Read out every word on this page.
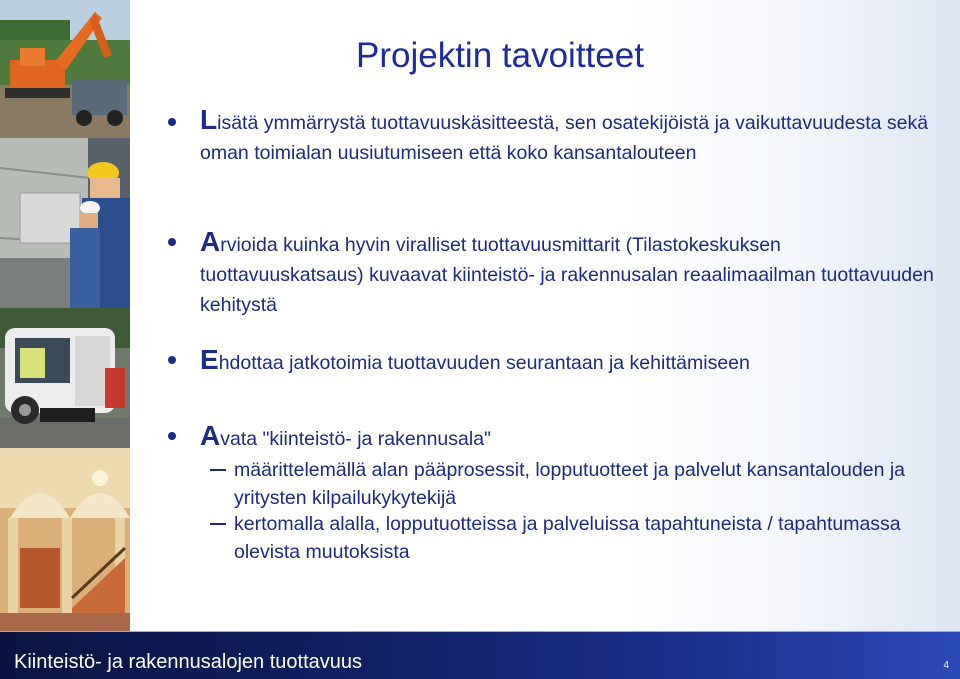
Projektin tavoitteet
Lisätä ymmärrystä tuottavuuskäsitteestä, sen osatekijöistä ja vaikuttavuudesta sekä oman toimialan uusiutumiseen että koko kansantalouteen
Arvioida kuinka hyvin viralliset tuottavuusmittarit (Tilastokeskuksen tuottavuuskatsaus) kuvaavat kiinteistö- ja rakennusalan reaalimaailman tuottavuuden kehitystä
Ehdottaa jatkotoimia tuottavuuden seurantaan ja kehittämiseen
Avata "kiinteistö- ja rakennusala"
määrittelemällä alan pääprosessit, lopputuotteet ja palvelut kansantalouden ja yritysten kilpailukykytekijä
kertomalla alalla, lopputuotteissa ja palveluissa tapahtuneista / tapahtumassa olevista muutoksista
Kiinteistö- ja rakennusalojen tuottavuus	4
